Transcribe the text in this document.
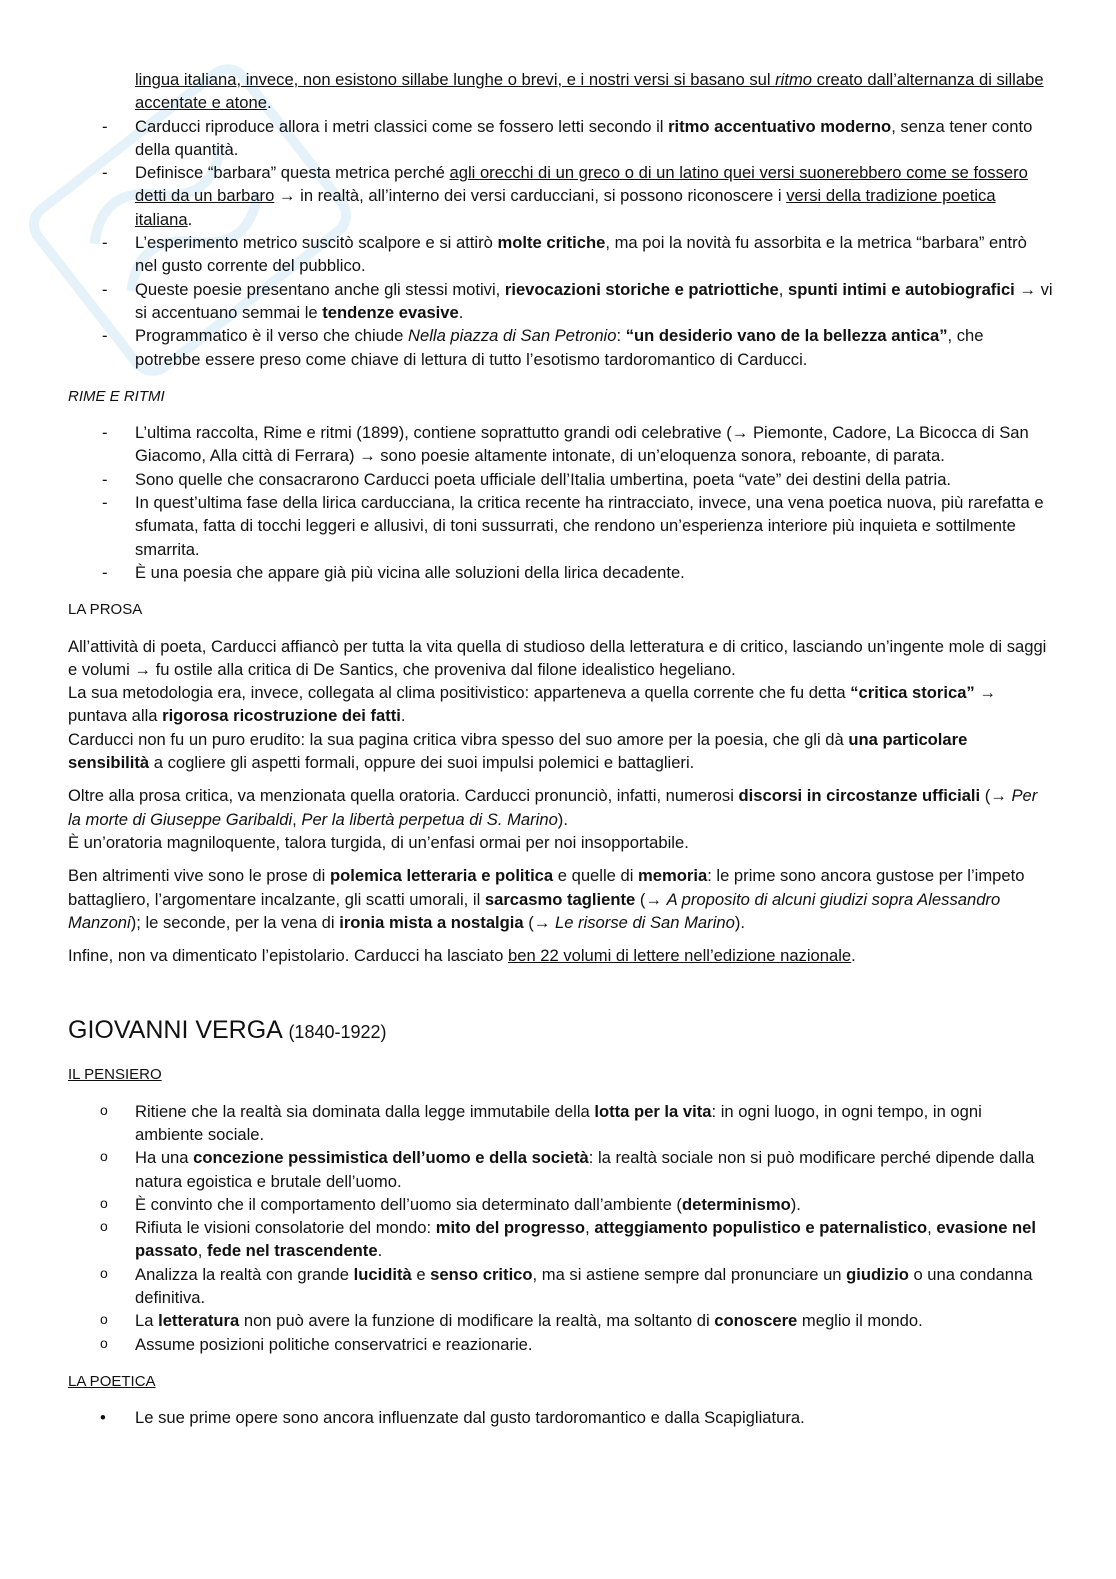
lingua italiana, invece, non esistono sillabe lunghe o brevi, e i nostri versi si basano sul ritmo creato dall’alternanza di sillabe accentate e atone.
- Carducci riproduce allora i metri classici come se fossero letti secondo il ritmo accentuativo moderno, senza tener conto della quantità.
- Definisce “barbara” questa metrica perché agli orecchi di un greco o di un latino quei versi suonerebbero come se fossero detti da un barbaro → in realtà, all’interno dei versi carducciani, si possono riconoscere i versi della tradizione poetica italiana.
- L’esperimento metrico suscitò scalpore e si attirò molte critiche, ma poi la novità fu assorbita e la metrica “barbara” entrò nel gusto corrente del pubblico.
- Queste poesie presentano anche gli stessi motivi, rievocazioni storiche e patriottiche, spunti intimi e autobiografici → vi si accentuano semmai le tendenze evasive.
- Programmatico è il verso che chiude Nella piazza di San Petronio: “un desiderio vano de la bellezza antica”, che potrebbe essere preso come chiave di lettura di tutto l’esotismo tardoromantico di Carducci.
RIME E RITMI
- L’ultima raccolta, Rime e ritmi (1899), contiene soprattutto grandi odi celebrative (→ Piemonte, Cadore, La Bicocca di San Giacomo, Alla città di Ferrara) → sono poesie altamente intonate, di un’eloquenza sonora, reboante, di parata.
- Sono quelle che consacrarono Carducci poeta ufficiale dell’Italia umbertina, poeta “vate” dei destini della patria.
- In quest’ultima fase della lirica carducciana, la critica recente ha rintracciato, invece, una vena poetica nuova, più rarefatta e sfumata, fatta di tocchi leggeri e allusivi, di toni sussurrati, che rendono un’esperienza interiore più inquieta e sottilmente smarrita.
- È una poesia che appare già più vicina alle soluzioni della lirica decadente.
LA PROSA

All’attività di poeta, Carducci affiancò per tutta la vita quella di studioso della letteratura e di critico, lasciando un’ingente mole di saggi e volumi → fu ostile alla critica di De Santics, che proveniva dal filone idealistico hegeliano.
La sua metodologia era, invece, collegata al clima positivistico: apparteneva a quella corrente che fu detta “critica storica” → puntava alla rigorosa ricostruzione dei fatti.
Carducci non fu un puro erudito: la sua pagina critica vibra spesso del suo amore per la poesia, che gli dà una particolare sensibilità a cogliere gli aspetti formali, oppure dei suoi impulsi polemici e battaglieri.

Oltre alla prosa critica, va menzionata quella oratoria. Carducci pronunciò, infatti, numerosi discorsi in circostanze ufficiali (→ Per la morte di Giuseppe Garibaldi, Per la libertà perpetua di S. Marino).
È un’oratoria magniloquente, talora turgida, di un’enfasi ormai per noi insopportabile.

Ben altrimenti vive sono le prose di polemica letteraria e politica e quelle di memoria: le prime sono ancora gustose per l’impeto battagliero, l’argomentare incalzante, gli scatti umorali, il sarcasmo tagliente (→ A proposito di alcuni giudizi sopra Alessandro Manzoni); le seconde, per la vena di ironia mista a nostalgia (→ Le risorse di San Marino).

Infine, non va dimenticato l’epistolario. Carducci ha lasciato ben 22 volumi di lettere nell’edizione nazionale.

GIOVANNI VERGA (1840-1922)
IL PENSIERO
o Ritiene che la realtà sia dominata dalla legge immutabile della lotta per la vita: in ogni luogo, in ogni tempo, in ogni ambiente sociale.
o Ha una concezione pessimistica dell’uomo e della società: la realtà sociale non si può modificare perché dipende dalla natura egoistica e brutale dell’uomo.
o È convinto che il comportamento dell’uomo sia determinato dall’ambiente (determinismo).
o Rifiuta le visioni consolatorie del mondo: mito del progresso, atteggiamento populistico e paternalistico, evasione nel passato, fede nel trascendente.
o Analizza la realtà con grande lucidità e senso critico, ma si astiene sempre dal pronunciare un giudizio o una condanna definitiva.
o La letteratura non può avere la funzione di modificare la realtà, ma soltanto di conoscere meglio il mondo.
o Assume posizioni politiche conservatrici e reazionarie.
LA POETICA
• Le sue prime opere sono ancora influenzate dal gusto tardoromantico e dalla Scapigliatura.
